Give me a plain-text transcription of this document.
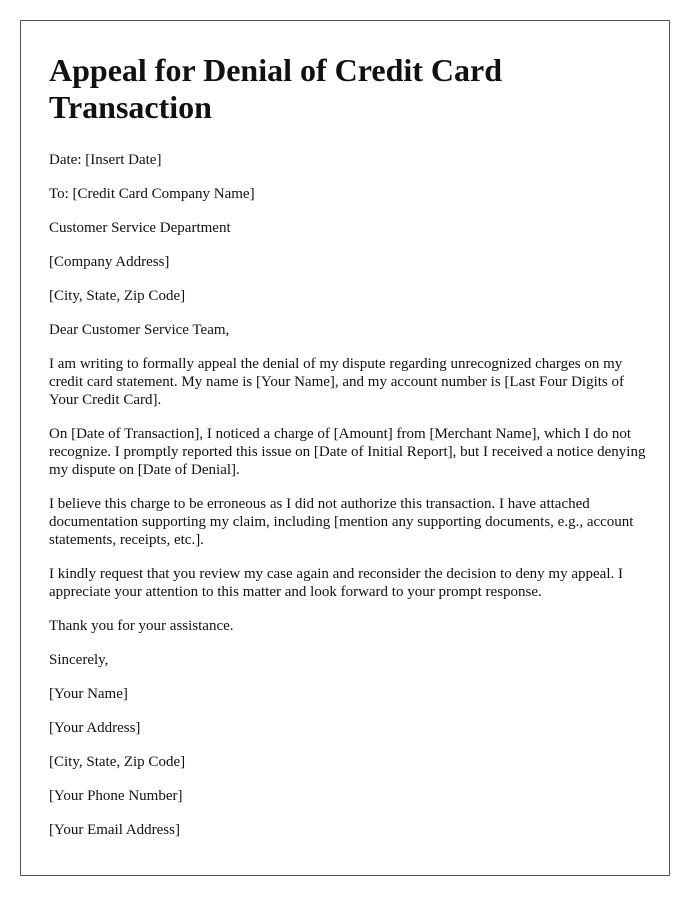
Appeal for Denial of Credit Card Transaction

Date: [Insert Date]

To: [Credit Card Company Name]

Customer Service Department

[Company Address]

[City, State, Zip Code]

Dear Customer Service Team,

I am writing to formally appeal the denial of my dispute regarding unrecognized charges on my credit card statement. My name is [Your Name], and my account number is [Last Four Digits of Your Credit Card].

On [Date of Transaction], I noticed a charge of [Amount] from [Merchant Name], which I do not recognize. I promptly reported this issue on [Date of Initial Report], but I received a notice denying my dispute on [Date of Denial].

I believe this charge to be erroneous as I did not authorize this transaction. I have attached documentation supporting my claim, including [mention any supporting documents, e.g., account statements, receipts, etc.].

I kindly request that you review my case again and reconsider the decision to deny my appeal. I appreciate your attention to this matter and look forward to your prompt response.

Thank you for your assistance.

Sincerely,

[Your Name]

[Your Address]

[City, State, Zip Code]

[Your Phone Number]

[Your Email Address]
